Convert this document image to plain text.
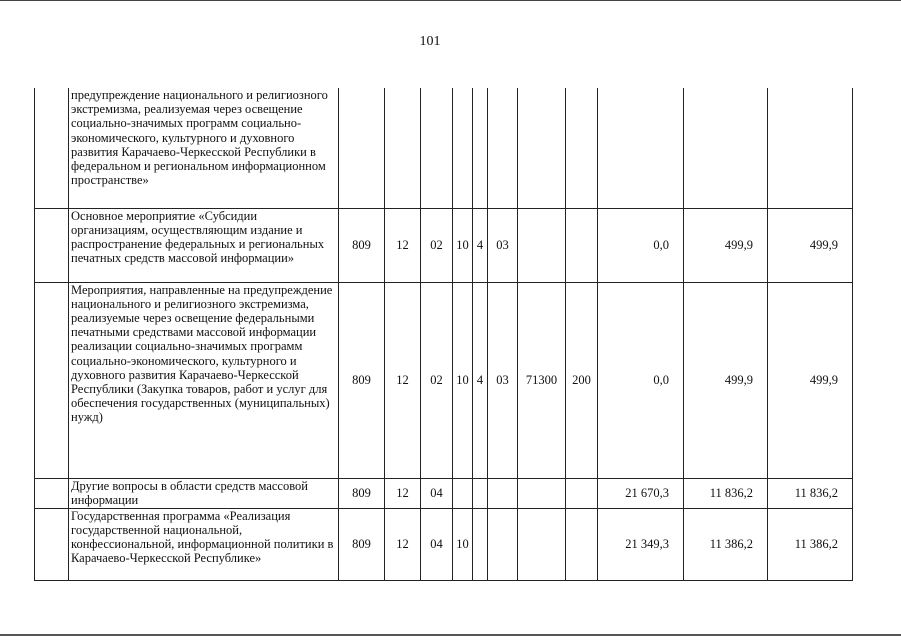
101
	предупреждение национального и религиозного экстремизма, реализуемая через освещение социально-значимых программ социально-экономического, культурного и духовного развития Карачаево-Черкесской Республики в федеральном и региональном информационном пространстве»											
	Основное мероприятие «Субсидии организациям, осуществляющим издание и распространение федеральных и региональных печатных средств массовой информации»	809	12	02	10	4	03			0,0	499,9	499,9
	Мероприятия, направленные на предупреждение национального и религиозного экстремизма, реализуемые через освещение федеральными печатными средствами массовой информации реализации социально-значимых программ социально-экономического, культурного и духовного развития Карачаево-Черкесской Республики (Закупка товаров, работ и услуг для обеспечения государственных (муниципальных) нужд)	809	12	02	10	4	03	71300	200	0,0	499,9	499,9
	Другие вопросы в области средств массовой информации	809	12	04						21 670,3	11 836,2	11 836,2
	Государственная программа «Реализация государственной национальной, конфессиональной, информационной политики в Карачаево-Черкесской Республике»	809	12	04	10					21 349,3	11 386,2	11 386,2
